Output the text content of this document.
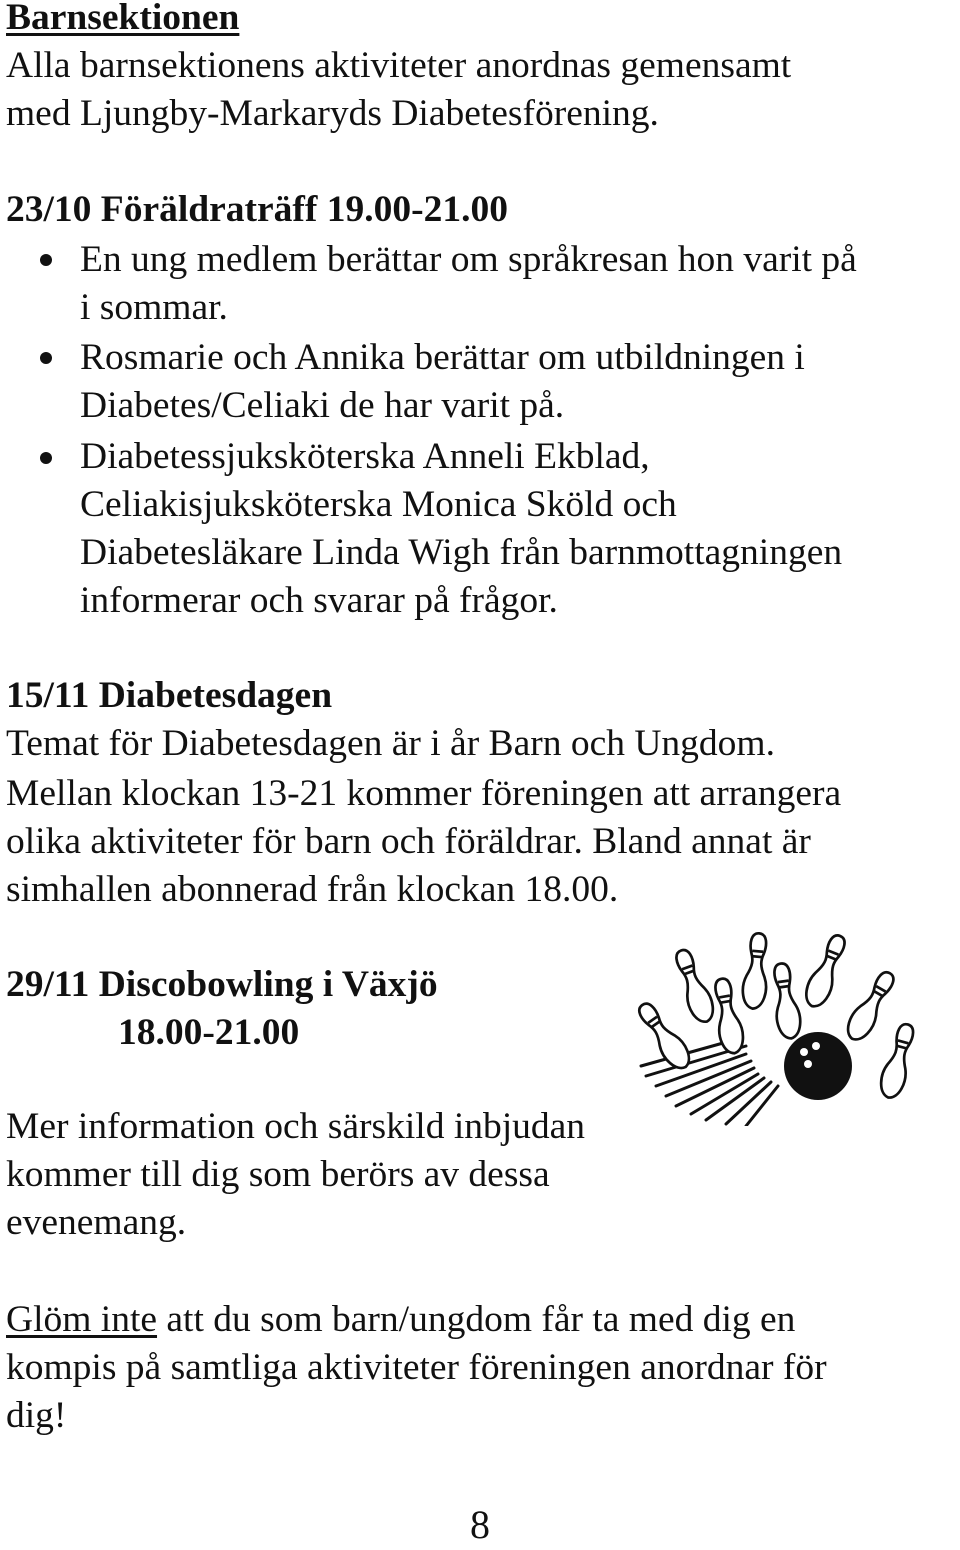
Barnsektionen
Alla barnsektionens aktiviteter anordnas gemensamt
med Ljungby-Markaryds Diabetesförening.
23/10 Föräldraträff 19.00-21.00
En ung medlem berättar om språkresan hon varit på
i sommar.
Rosmarie och Annika berättar om utbildningen i
Diabetes/Celiaki de har varit på.
Diabetessjuksköterska Anneli Ekblad,
Celiakisjuksköterska Monica Sköld och
Diabetesläkare Linda Wigh från barnmottagningen
informerar och svarar på frågor.
15/11 Diabetesdagen
Temat för Diabetesdagen är i år Barn och Ungdom.
Mellan klockan 13-21 kommer föreningen att arrangera
olika aktiviteter för barn och föräldrar. Bland annat är
simhallen abonnerad från klockan 18.00.
29/11 Discobowling i Växjö
18.00-21.00
Mer information och särskild inbjudan
kommer till dig som berörs av dessa
evenemang.
Glöm inte att du som barn/ungdom får ta med dig en
kompis på samtliga aktiviteter föreningen anordnar för
dig!
8
